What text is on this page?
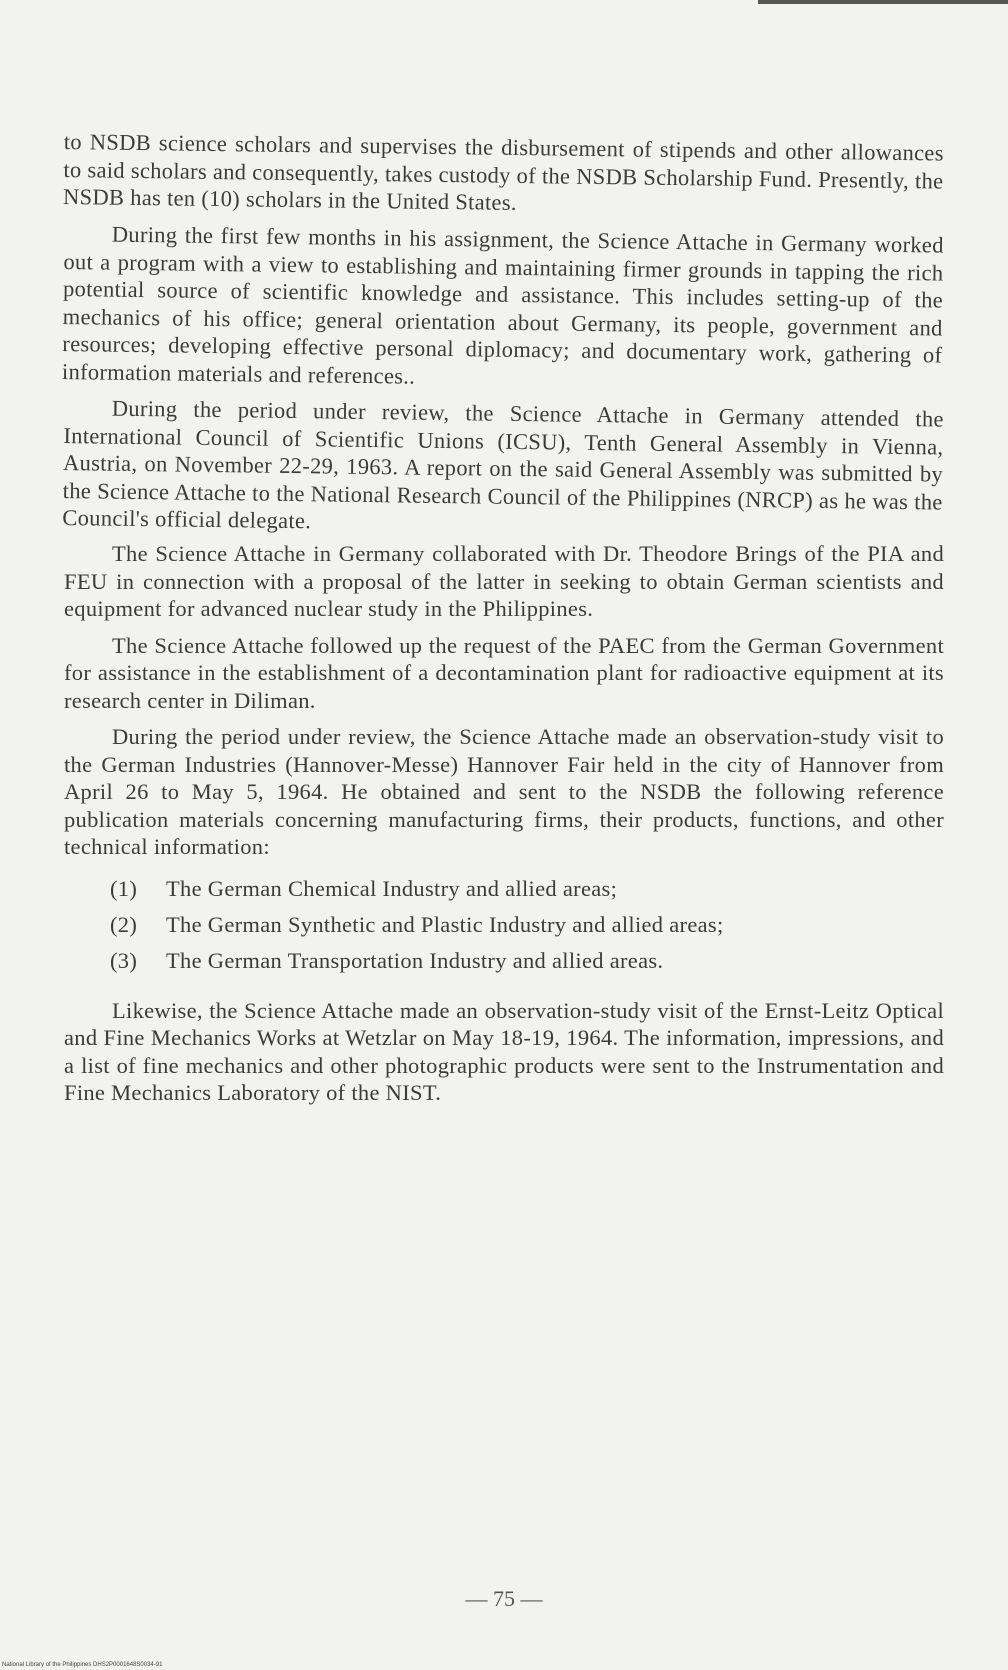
to NSDB science scholars and supervises the disbursement of stipends and other allowances to said scholars and consequently, takes custody of the NSDB Scholarship Fund. Presently, the NSDB has ten (10) scholars in the United States.

During the first few months in his assignment, the Science Attache in Germany worked out a program with a view to establishing and maintaining firmer grounds in tapping the rich potential source of scientific knowledge and assistance. This includes setting-up of the mechanics of his office; general orientation about Germany, its people, government and resources; developing effective personal diplomacy; and documentary work, gathering of information materials and references..

During the period under review, the Science Attache in Germany attended the International Council of Scientific Unions (ICSU), Tenth General Assembly in Vienna, Austria, on November 22-29, 1963. A report on the said General Assembly was submitted by the Science Attache to the National Research Council of the Philippines (NRCP) as he was the Council's official delegate.

The Science Attache in Germany collaborated with Dr. Theodore Brings of the PIA and FEU in connection with a proposal of the latter in seeking to obtain German scientists and equipment for advanced nuclear study in the Philippines.

The Science Attache followed up the request of the PAEC from the German Government for assistance in the establishment of a decontamination plant for radioactive equipment at its research center in Diliman.

During the period under review, the Science Attache made an observation-study visit to the German Industries (Hannover-Messe) Hannover Fair held in the city of Hannover from April 26 to May 5, 1964. He obtained and sent to the NSDB the following reference publication materials concerning manufacturing firms, their products, functions, and other technical information:

(1) The German Chemical Industry and allied areas;
(2) The German Synthetic and Plastic Industry and allied areas;
(3) The German Transportation Industry and allied areas.

Likewise, the Science Attache made an observation-study visit of the Ernst-Leitz Optical and Fine Mechanics Works at Wetzlar on May 18-19, 1964. The information, impressions, and a list of fine mechanics and other photographic products were sent to the Instrumentation and Fine Mechanics Laboratory of the NIST.

— 75 —
National Library of the Philippines DHS2P0001648S0034-91
